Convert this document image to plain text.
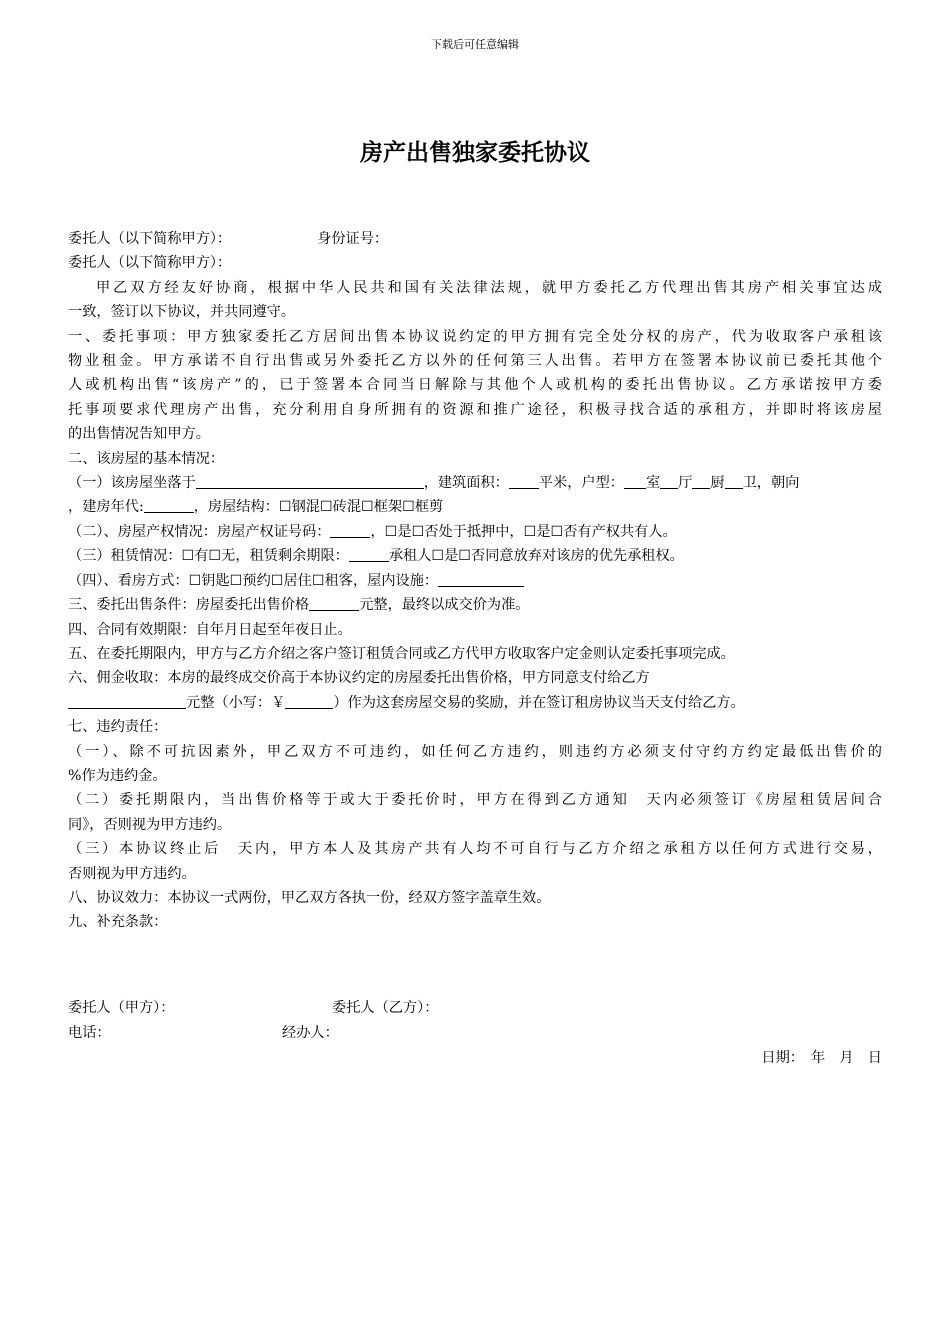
下载后可任意编辑
房产出售独家委托协议
委托人（以下简称甲方）：	身份证号：
委托人（以下简称甲方）：
甲乙双方经友好协商，根据中华人民共和国有关法律法规，就甲方委托乙方代理出售其房产相关事宜达成
一致，签订以下协议，并共同遵守。
一、委托事项：甲方独家委托乙方居间出售本协议说约定的甲方拥有完全处分权的房产，代为收取客户承租该
物业租金。甲方承诺不自行出售或另外委托乙方以外的任何第三人出售。若甲方在签署本协议前已委托其他个
人或机构出售“该房产”的，已于签署本合同当日解除与其他个人或机构的委托出售协议。乙方承诺按甲方委
托事项要求代理房产出售，充分利用自身所拥有的资源和推广途径，积极寻找合适的承租方，并即时将该房屋
的出售情况告知甲方。
二、该房屋的基本情况：
（一）该房屋坐落于	，建筑面积： 平米，户型： 室 厅 厨 卫，朝向
，建房年代:	，房屋结构：☐钢混☐砖混☐框架☐框剪
（二）、房屋产权情况：房屋产权证号码：	，☐是☐否处于抵押中，☐是☐否有产权共有人。
（三）租赁情况：☐有☐无，租赁剩余期限：	承租人☐是☐否同意放弃对该房的优先承租权。
（四）、看房方式：☐钥匙☐预约☐居住☐租客，屋内设施：
三、委托出售条件：房屋委托出售价格	元整，最终以成交价为准。
四、合同有效期限：自年月日起至年夜日止。
五、在委托期限内，甲方与乙方介绍之客户签订租赁合同或乙方代甲方收取客户定金则认定委托事项完成。
六、佣金收取：本房的最终成交价高于本协议约定的房屋委托出售价格，甲方同意支付给乙方
元整（小写：￥	）作为这套房屋交易的奖励，并在签订租房协议当天支付给乙方。
七、违约责任：
（一）、除不可抗因素外，甲乙双方不可违约，如任何乙方违约，则违约方必须支付守约方约定最低出售价的
%作为违约金。
（二）委托期限内，当出售价格等于或大于委托价时，甲方在得到乙方通知 天内必须签订《房屋租赁居间合
同》，否则视为甲方违约。
（三）本协议终止后 天内，甲方本人及其房产共有人均不可自行与乙方介绍之承租方以任何方式进行交易，
否则视为甲方违约。
八、协议效力：本协议一式两份，甲乙双方各执一份，经双方签字盖章生效。
九、补充条款：
委托人（甲方）：	委托人（乙方）：
电话：	经办人：
日期：　年　月　日
